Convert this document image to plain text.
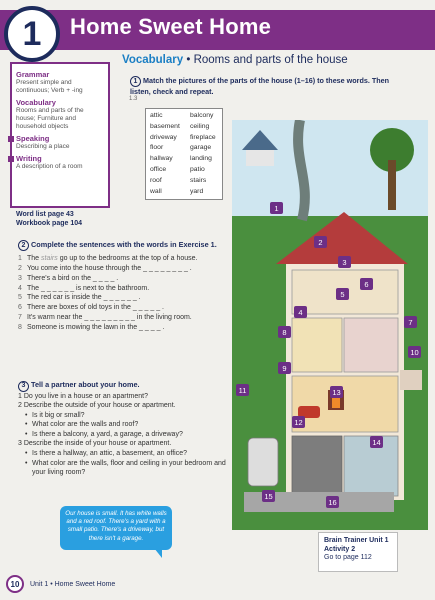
1	Home Sweet Home
Grammar
Present simple and continuous; Verb + -ing
Vocabulary
Rooms and parts of the house; Furniture and household objects
Speaking
Describing a place
Writing
A description of a room
Word list page 43
Workbook page 104
Vocabulary • Rooms and parts of the house
1 Match the pictures of the parts of the house (1–16) to these words. Then listen, check and repeat.
1.3
attic
basement
driveway
floor
hallway
office
roof
wall
balcony
ceiling
fireplace
garage
landing
patio
stairs
yard
2 Complete the sentences with the words in Exercise 1.
1 The stairs go up to the bedrooms at the top of a house.
2 You come into the house through the _ _ _ _ _ _ _ _ .
3 There's a bird on the _ _ _ _ .
4 The _ _ _ _ _ _ is next to the bathroom.
5 The red car is inside the _ _ _ _ _ _ .
6 There are boxes of old toys in the _ _ _ _ _ .
7 It's warm near the _ _ _ _ _ _ _ _ _ in the living room.
8 Someone is mowing the lawn in the _ _ _ _ .
3 Tell a partner about your home.
1 Do you live in a house or an apartment?
2 Describe the outside of your house or apartment.
• Is it big or small?
• What color are the walls and roof?
• Is there a balcony, a yard, a garage, a driveway?
3 Describe the inside of your house or apartment.
• Is there a hallway, an attic, a basement, an office?
• What color are the walls, floor and ceiling in your bedroom and your living room?
Our house is small. It has white walls and a red roof. There's a yard with a small patio. There's a driveway, but there isn't a garage.
1
2
3
4
5
6
7
8
9
10
11
12
13
14
15
16
Brain Trainer Unit 1
Activity 2
Go to page 112
10	Unit 1 • Home Sweet Home
